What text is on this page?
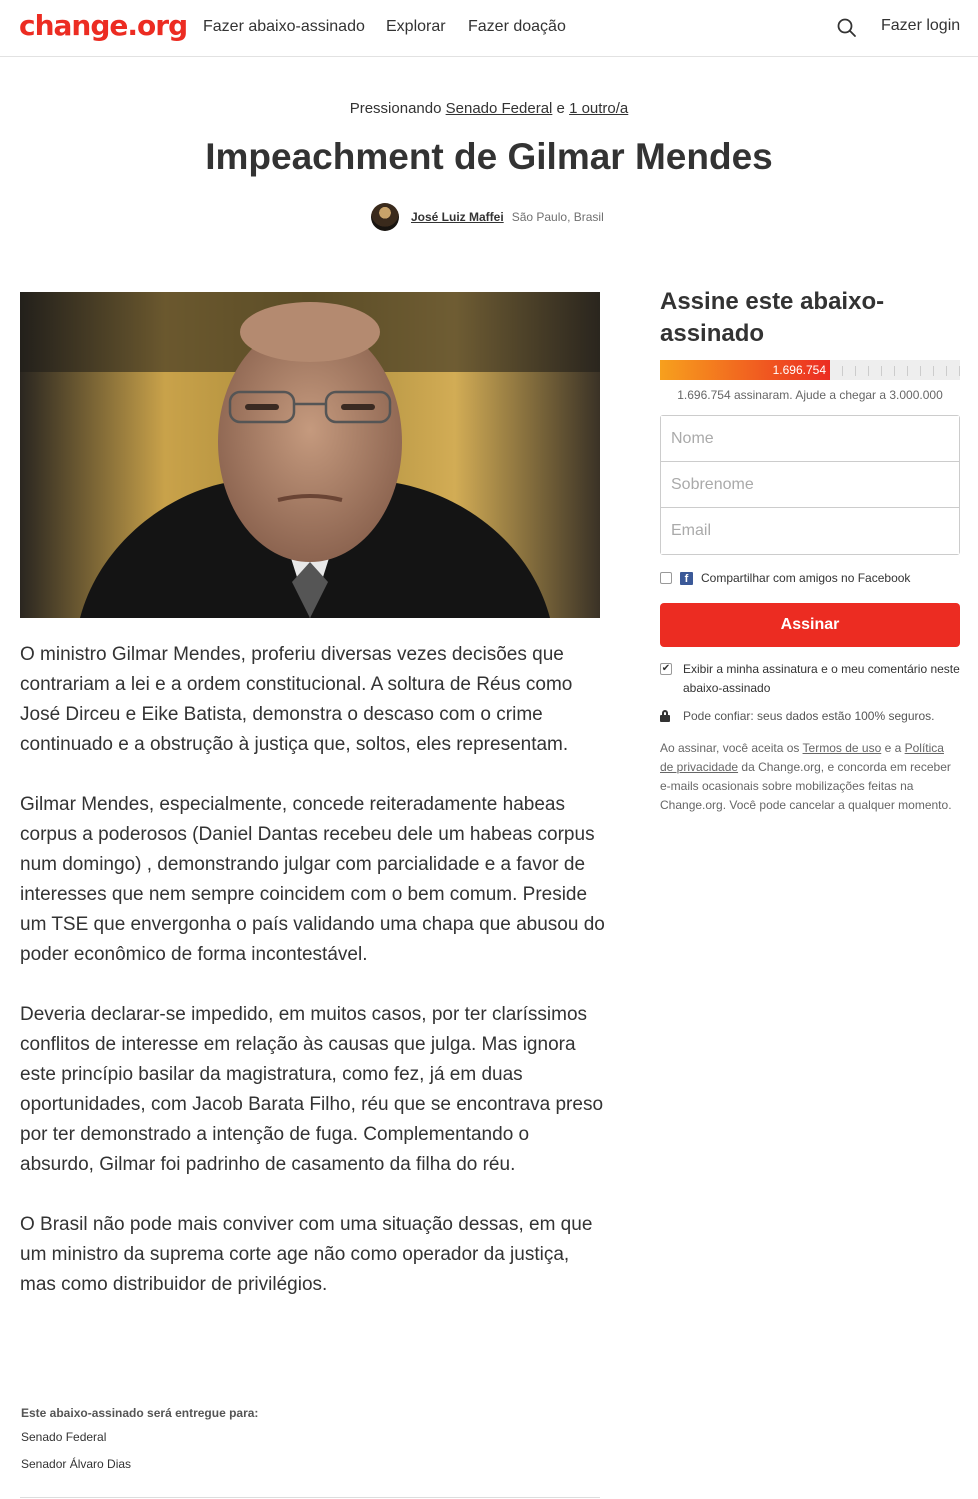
change.org Fazer abaixo-assinado Explorar Fazer doação	Fazer login
Pressionando Senado Federal e 1 outro/a
Impeachment de Gilmar Mendes
José Luiz Maffei São Paulo, Brasil

O ministro Gilmar Mendes, proferiu diversas vezes decisões que contrariam a lei e a ordem constitucional. A soltura de Réus como José Dirceu e Eike Batista, demonstra o descaso com o crime continuado e a obstrução à justiça que, soltos, eles representam.

Gilmar Mendes, especialmente, concede reiteradamente habeas corpus a poderosos (Daniel Dantas recebeu dele um habeas corpus num domingo) , demonstrando julgar com parcialidade e a favor de interesses que nem sempre coincidem com o bem comum. Preside um TSE que envergonha o país validando uma chapa que abusou do poder econômico de forma incontestável.

Deveria declarar-se impedido, em muitos casos, por ter claríssimos conflitos de interesse em relação às causas que julga. Mas ignora este princípio basilar da magistratura, como fez, já em duas oportunidades, com Jacob Barata Filho, réu que se encontrava preso por ter demonstrado a intenção de fuga. Complementando o absurdo, Gilmar foi padrinho de casamento da filha do réu.

O Brasil não pode mais conviver com uma situação dessas, em que um ministro da suprema corte age não como operador da justiça, mas como distribuidor de privilégios.

Este abaixo-assinado será entregue para:
Senado Federal
Senador Álvaro Dias
Assine este abaixo-assinado
1.696.754
1.696.754 assinaram. Ajude a chegar a 3.000.000
Nome
Sobrenome
Email
f	Compartilhar com amigos no Facebook
Assinar
✔ Exibir a minha assinatura e o meu comentário neste abaixo-assinado
Pode confiar: seus dados estão 100% seguros.
Ao assinar, você aceita os Termos de uso e a Política de privacidade da Change.org, e concorda em receber e-mails ocasionais sobre mobilizações feitas na Change.org. Você pode cancelar a qualquer momento.
